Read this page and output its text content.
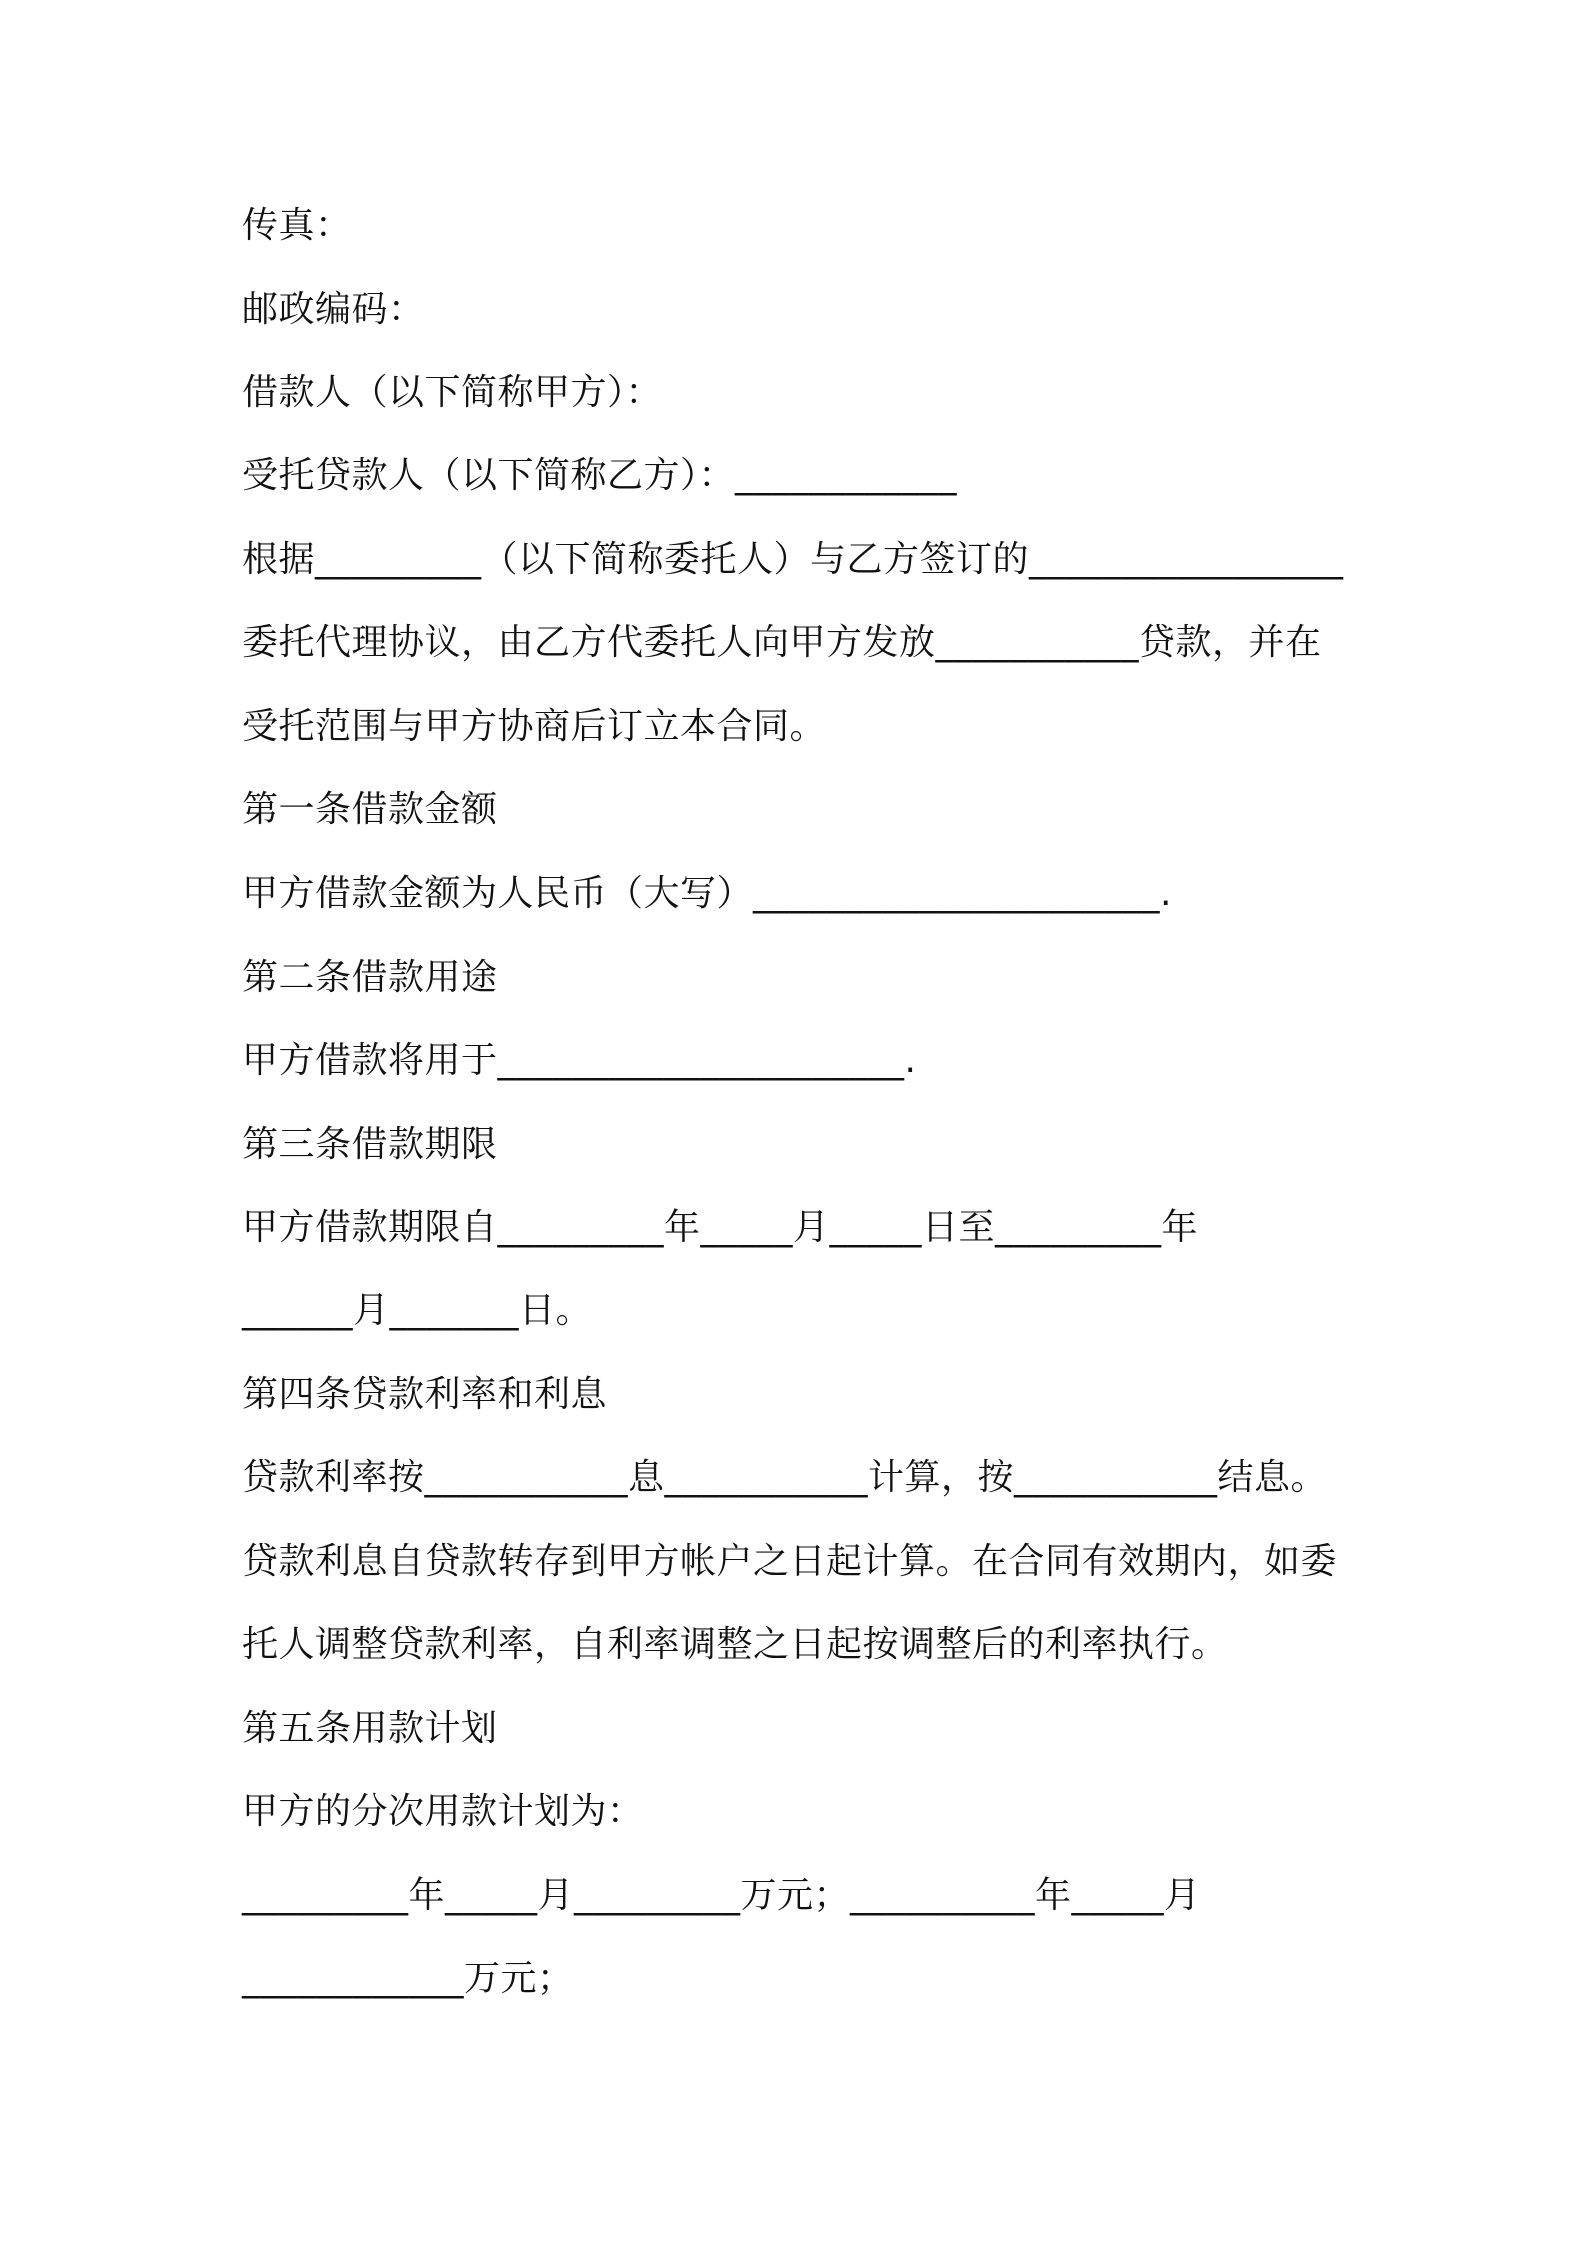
传真：
邮政编码：
借款人（以下简称甲方）：
受托贷款人（以下简称乙方）：____________
根据_________（以下简称委托人）与乙方签订的_________________
委托代理协议，由乙方代委托人向甲方发放___________贷款，并在
受托范围与甲方协商后订立本合同。
第一条借款金额
甲方借款金额为人民币（大写）______________________.
第二条借款用途
甲方借款将用于______________________.
第三条借款期限
甲方借款期限自_________年_____月_____日至_________年
______月_______日。
第四条贷款利率和利息
贷款利率按___________息___________计算，按___________结息。
贷款利息自贷款转存到甲方帐户之日起计算。在合同有效期内，如委
托人调整贷款利率，自利率调整之日起按调整后的利率执行。
第五条用款计划
甲方的分次用款计划为：
_________年_____月_________万元；__________年_____月
____________万元；
